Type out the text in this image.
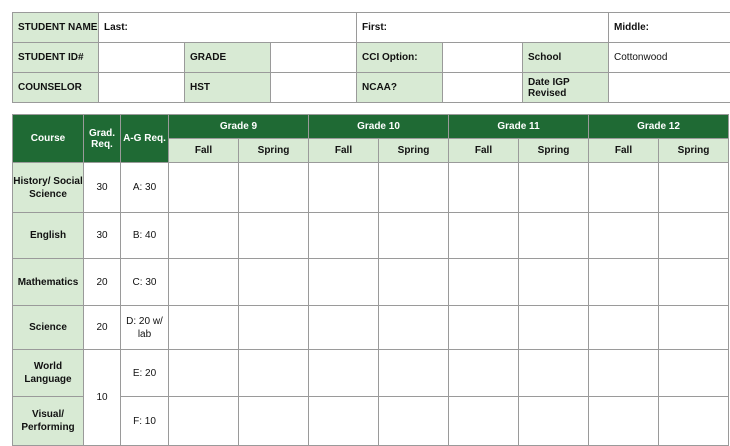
STUDENT NAME	Last:			First:			Middle:
STUDENT ID#		GRADE		CCI Option:		School	Cottonwood
COUNSELOR		HST		NCAA?		Date IGP Revised	
Course	Grad. Req.	A-G Req.	Grade 9		Grade 10		Grade 11		Grade 12	
			Fall	Spring	Fall	Spring	Fall	Spring	Fall	Spring
History/ Social Science	30	A: 30								
English	30	B: 40								
Mathematics	20	C: 30								
Science	20	D: 20 w/ lab								
World Language	10	E: 20								
Visual/ Performing		F: 10								
